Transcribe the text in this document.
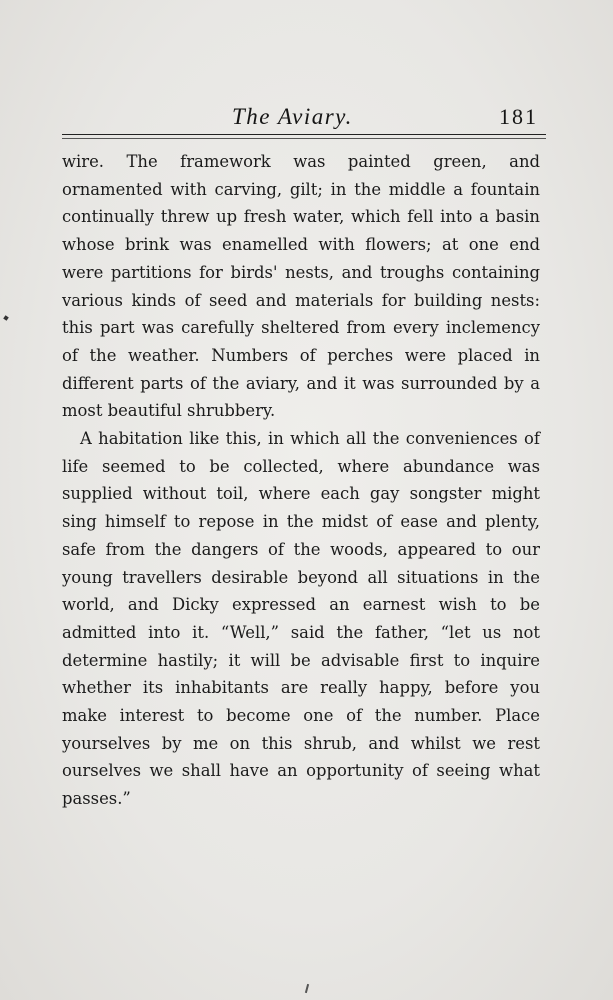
The Aviary.	181

wire. The framework was painted green, and ornamented with carving, gilt; in the middle a fountain continually threw up fresh water, which fell into a basin whose brink was enamelled with flowers; at one end were partitions for birds' nests, and troughs containing various kinds of seed and materials for building nests: this part was carefully sheltered from every inclemency of the weather. Numbers of perches were placed in different parts of the aviary, and it was surrounded by a most beautiful shrubbery.

A habitation like this, in which all the conveniences of life seemed to be collected, where abundance was supplied without toil, where each gay songster might sing himself to repose in the midst of ease and plenty, safe from the dangers of the woods, appeared to our young travellers desirable beyond all situations in the world, and Dicky expressed an earnest wish to be admitted into it. “Well,” said the father, “let us not determine hastily; it will be advisable first to inquire whether its inhabitants are really happy, before you make interest to become one of the number. Place yourselves by me on this shrub, and whilst we rest ourselves we shall have an opportunity of seeing what passes.”
